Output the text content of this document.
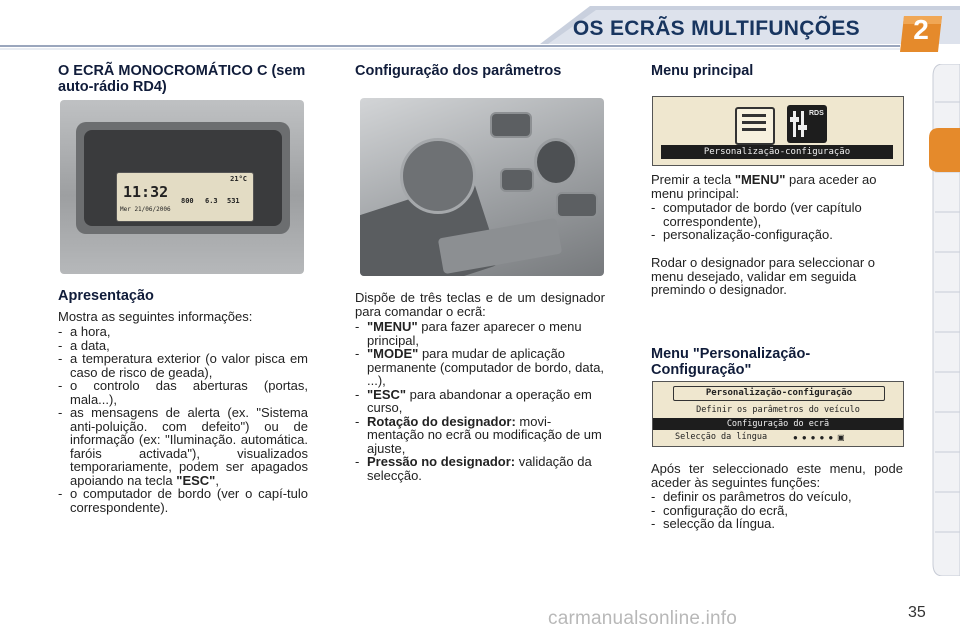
OS ECRÃS MULTIFUNÇÕES	2
O ECRÃ MONOCROMÁTICO C (sem auto-rádio RD4)
11:32
21°C
Mer 21/06/2006
800 6.3 531
Apresentação
Mostra as seguintes informações:
- a hora,
- a data,
- a temperatura exterior (o valor pisca em caso de risco de geada),
- o controlo das aberturas (portas, mala...),
- as mensagens de alerta (ex. "Sistema anti-poluição. com defeito") ou de informação (ex: "Iluminação. automática. faróis activada"), visualizados temporariamente, podem ser apagados apoiando na tecla "ESC",
- o computador de bordo (ver o capí-tulo correspondente).
Configuração dos parâmetros
Dispõe de três teclas e de um designador para comandar o ecrã:
- "MENU" para fazer aparecer o menu principal,
- "MODE" para mudar de aplicação permanente (computador de bordo, data, ...),
- "ESC" para abandonar a operação em curso,
- Rotação do designador: movi-mentação no ecrã ou modificação de um ajuste,
- Pressão no designador: validação da selecção.
Menu principal
RDS
Personalização-configuração
Premir a tecla "MENU" para aceder ao menu principal:
- computador de bordo (ver capítulo correspondente),
- personalização-configuração.
Rodar o designador para seleccionar o menu desejado, validar em seguida premindo o designador.
Menu "Personalização-Configuração"
Personalização-configuração
Definir os parâmetros do veículo
Configuração do ecrã
Selecção da língua	●●●●●▣
Após ter seleccionado este menu, pode aceder às seguintes funções:
- definir os parâmetros do veículo,
- configuração do ecrã,
- selecção da língua.
carmanualsonline.info	35
